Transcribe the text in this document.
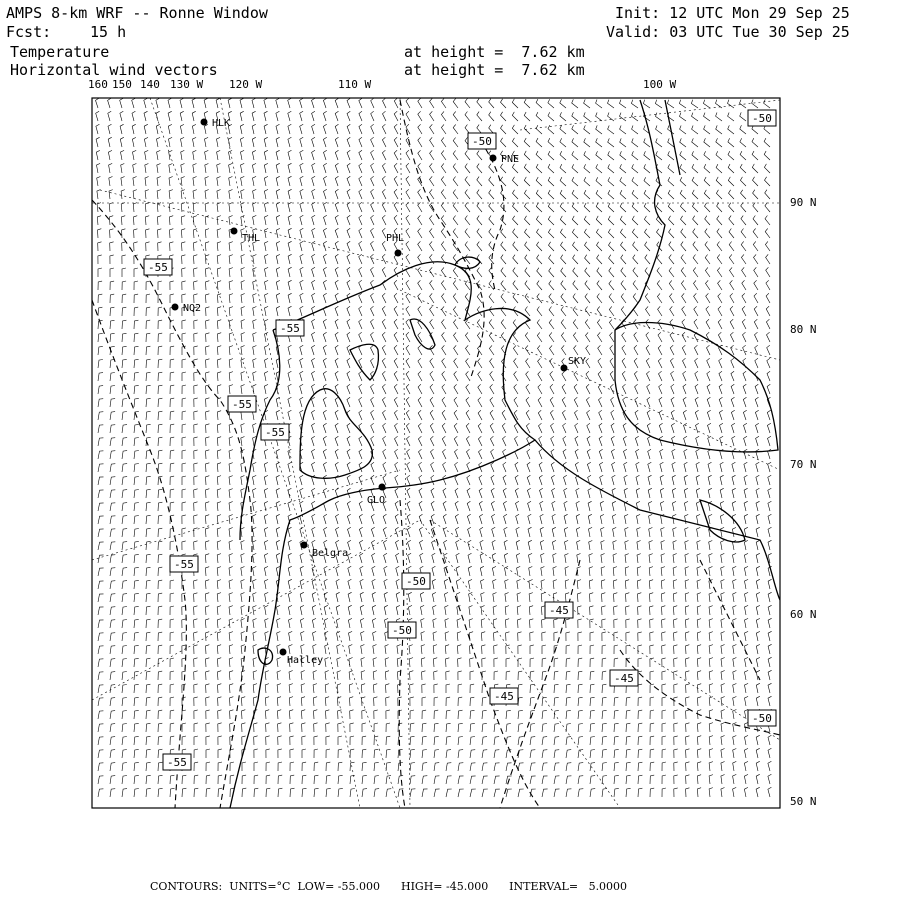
AMPS 8-km WRF -- Ronne Window
Fcst:	15 h
Temperature
Horizontal wind vectors
Init: 12 UTC Mon 29 Sep 25
Valid: 03 UTC Tue 30 Sep 25
at height =  7.62 km
at height =  7.62 km
160 150 140 130 W 120 W	110 W	100 W
90 N
80 N
70 N
60 N
50 N
HLK
PNE
THL	PHL
NQ2
SKY
GLO
Belgra
Halley
-50
-55
-55
-55
-55
-55
-50
-50
-45
-45
-45
-50
-55
-50
CONTOURS:  UNITS=°C  LOW= -55.000      HIGH= -45.000      INTERVAL=   5.0000
